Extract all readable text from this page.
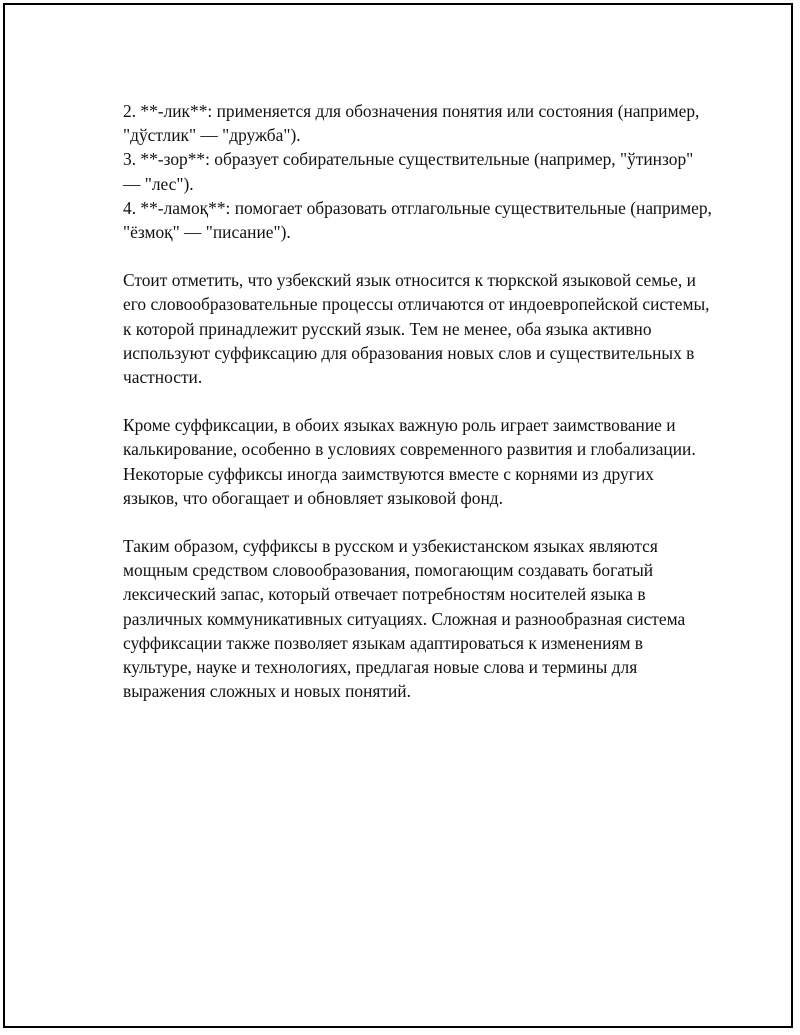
2. **-лик**: применяется для обозначения понятия или состояния (например, "дўстлик" — "дружба").
3. **-зор**: образует собирательные существительные (например, "ўтинзор" — "лес").
4. **-ламоқ**: помогает образовать отглагольные существительные (например, "ёзмоқ" — "писание").

Стоит отметить, что узбекский язык относится к тюркской языковой семье, и его словообразовательные процессы отличаются от индоевропейской системы, к которой принадлежит русский язык. Тем не менее, оба языка активно используют суффиксацию для образования новых слов и существительных в частности.

Кроме суффиксации, в обоих языках важную роль играет заимствование и калькирование, особенно в условиях современного развития и глобализации. Некоторые суффиксы иногда заимствуются вместе с корнями из других языков, что обогащает и обновляет языковой фонд.

Таким образом, суффиксы в русском и узбекистанском языках являются мощным средством словообразования, помогающим создавать богатый лексический запас, который отвечает потребностям носителей языка в различных коммуникативных ситуациях. Сложная и разнообразная система суффиксации также позволяет языкам адаптироваться к изменениям в культуре, науке и технологиях, предлагая новые слова и термины для выражения сложных и новых понятий.
